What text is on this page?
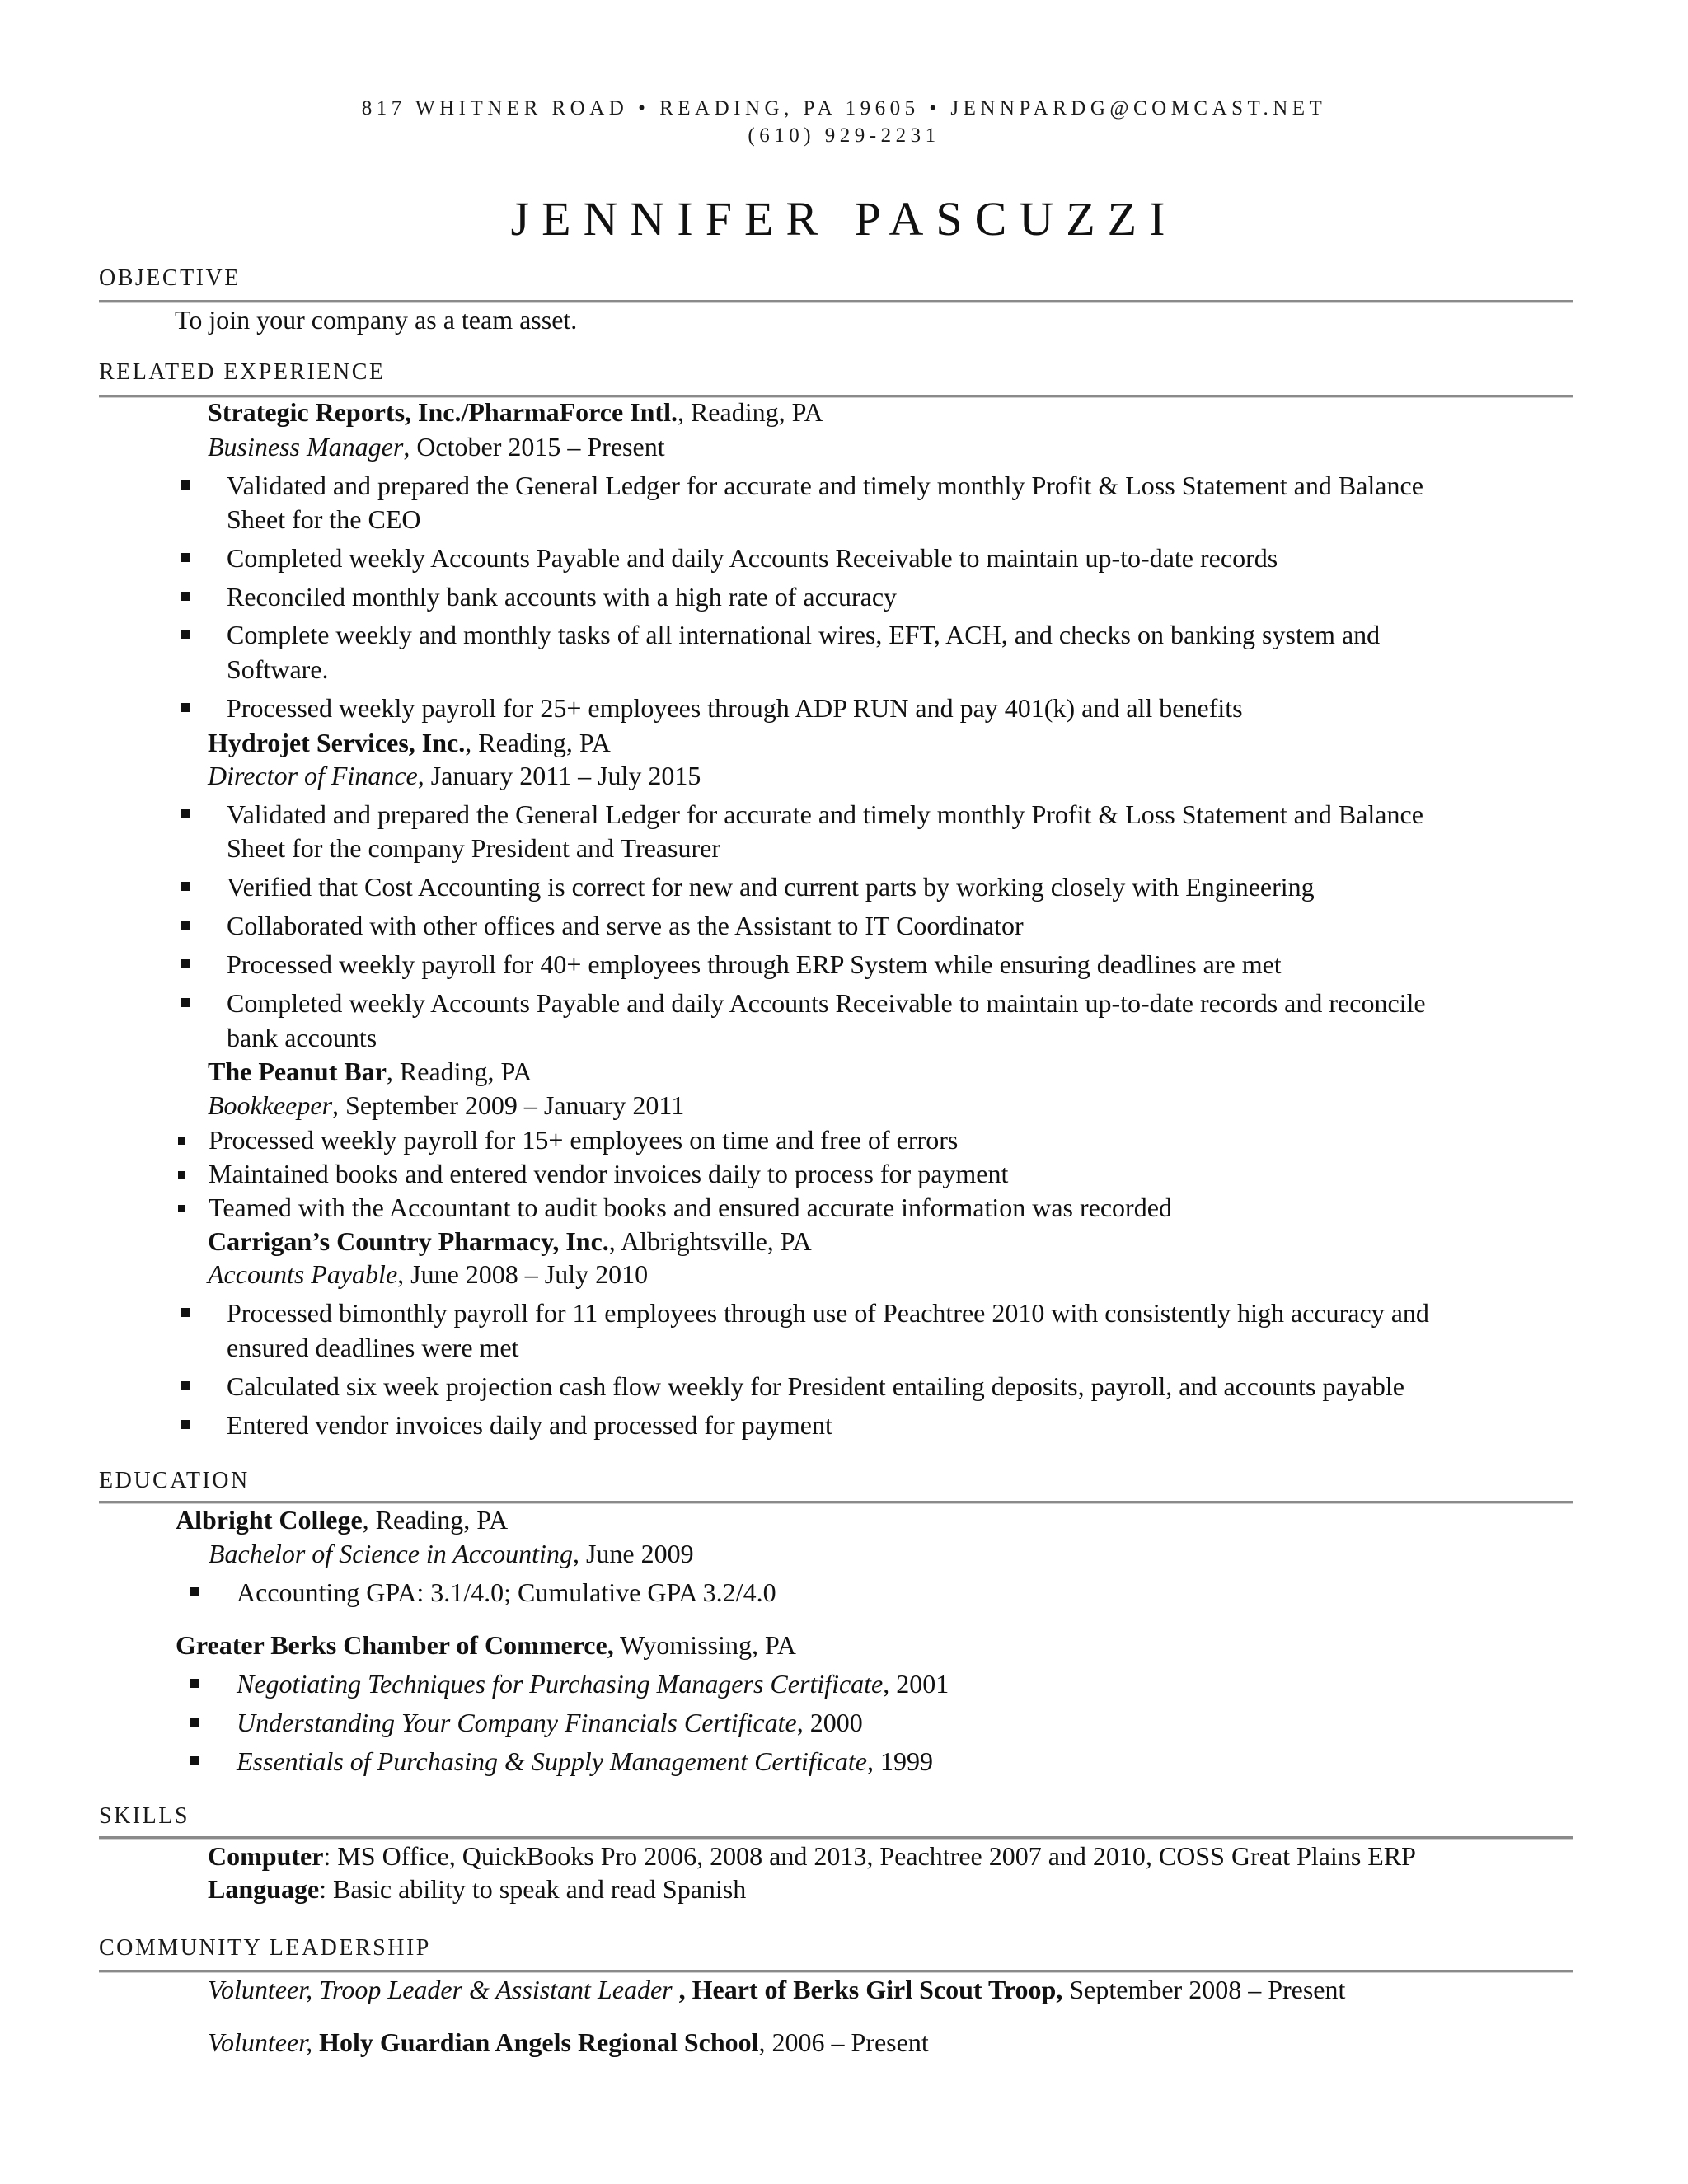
817 WHITNER ROAD • READING, PA 19605 • JENNPARDG@COMCAST.NET
(610) 929-2231
JENNIFER PASCUZZI
OBJECTIVE
To join your company as a team asset.
RELATED EXPERIENCE
Strategic Reports, Inc./PharmaForce Intl., Reading, PA
Business Manager, October 2015 – Present
Validated and prepared the General Ledger for accurate and timely monthly Profit & Loss Statement and Balance
Sheet for the CEO
Completed weekly Accounts Payable and daily Accounts Receivable to maintain up-to-date records
Reconciled monthly bank accounts with a high rate of accuracy
Complete weekly and monthly tasks of all international wires, EFT, ACH, and checks on banking system and
Software.
Processed weekly payroll for 25+ employees through ADP RUN and pay 401(k) and all benefits
Hydrojet Services, Inc., Reading, PA
Director of Finance, January 2011 – July 2015
Validated and prepared the General Ledger for accurate and timely monthly Profit & Loss Statement and Balance
Sheet for the company President and Treasurer
Verified that Cost Accounting is correct for new and current parts by working closely with Engineering
Collaborated with other offices and serve as the Assistant to IT Coordinator
Processed weekly payroll for 40+ employees through ERP System while ensuring deadlines are met
Completed weekly Accounts Payable and daily Accounts Receivable to maintain up-to-date records and reconcile
bank accounts
The Peanut Bar, Reading, PA
Bookkeeper, September 2009 – January 2011
Processed weekly payroll for 15+ employees on time and free of errors
Maintained books and entered vendor invoices daily to process for payment
Teamed with the Accountant to audit books and ensured accurate information was recorded
Carrigan’s Country Pharmacy, Inc., Albrightsville, PA
Accounts Payable, June 2008 – July 2010
Processed bimonthly payroll for 11 employees through use of Peachtree 2010 with consistently high accuracy and
ensured deadlines were met
Calculated six week projection cash flow weekly for President entailing deposits, payroll, and accounts payable
Entered vendor invoices daily and processed for payment
EDUCATION
Albright College, Reading, PA
Bachelor of Science in Accounting, June 2009
Accounting GPA: 3.1/4.0; Cumulative GPA 3.2/4.0
Greater Berks Chamber of Commerce, Wyomissing, PA
Negotiating Techniques for Purchasing Managers Certificate, 2001
Understanding Your Company Financials Certificate, 2000
Essentials of Purchasing & Supply Management Certificate, 1999
SKILLS
Computer: MS Office, QuickBooks Pro 2006, 2008 and 2013, Peachtree 2007 and 2010, COSS Great Plains ERP
Language: Basic ability to speak and read Spanish
COMMUNITY LEADERSHIP
Volunteer, Troop Leader & Assistant Leader , Heart of Berks Girl Scout Troop, September 2008 – Present
Volunteer, Holy Guardian Angels Regional School, 2006 – Present
